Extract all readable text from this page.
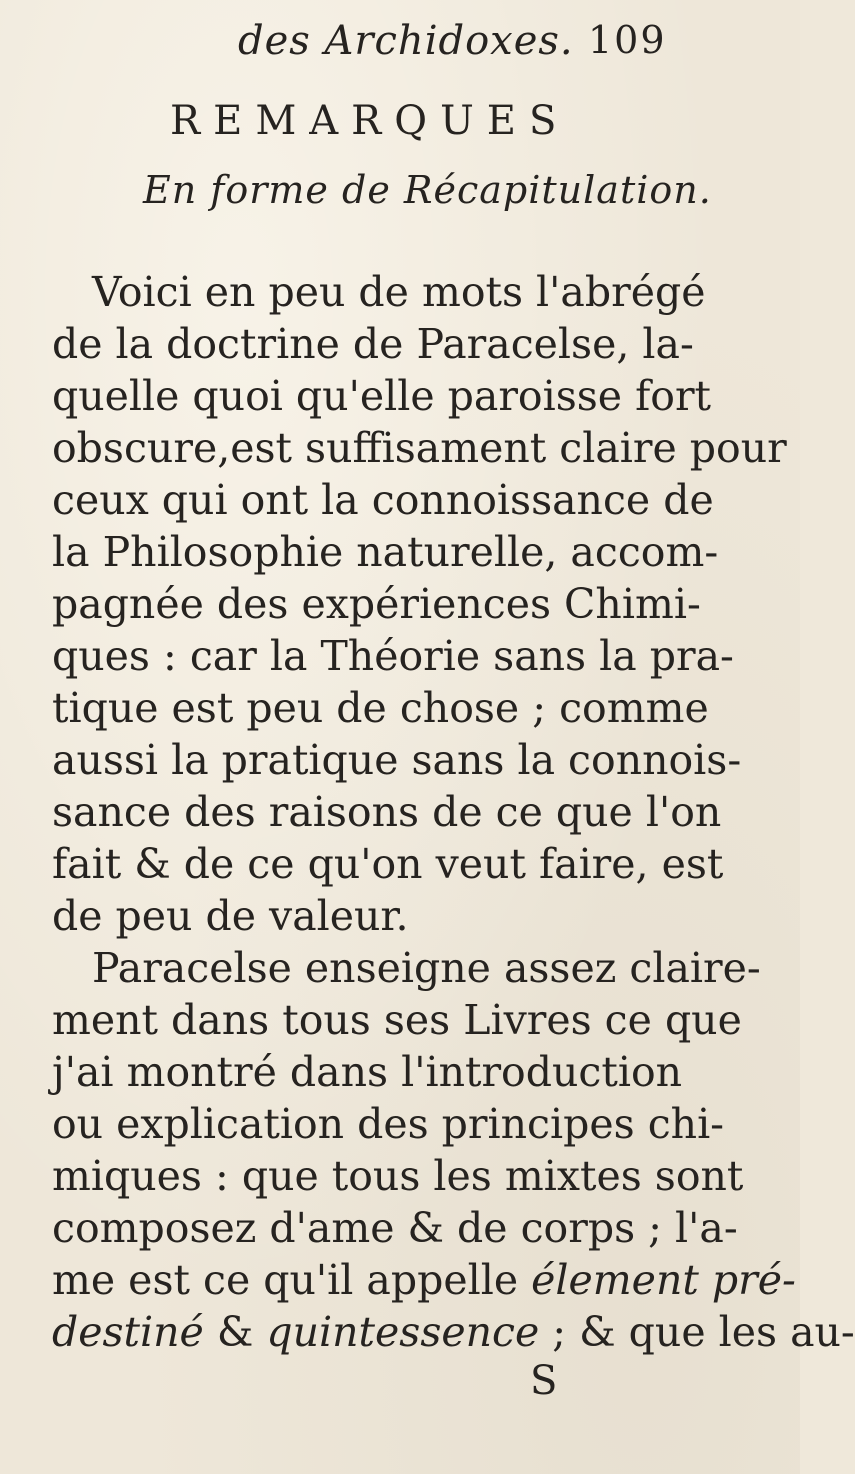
des Archidoxes. 109
REMARQUES
En forme de Récapitulation.
Voici en peu de mots l'abrégé
de la doctrine de Paracelse, la-
quelle quoi qu'elle paroisse fort
obscure,est suffisament claire pour
ceux qui ont la connoissance de
la Philosophie naturelle, accom-
pagnée des expériences Chimi-
ques : car la Théorie sans la pra-
tique est peu de chose ; comme
aussi la pratique sans la connois-
sance des raisons de ce que l'on
fait & de ce qu'on veut faire, est
de peu de valeur.
Paracelse enseigne assez claire-
ment dans tous ses Livres ce que
j'ai montré dans l'introduction
ou explication des principes chi-
miques : que tous les mixtes sont
composez d'ame & de corps ; l'a-
me est ce qu'il appelle élement pré-
destiné & quintessence ; & que les au-
S
